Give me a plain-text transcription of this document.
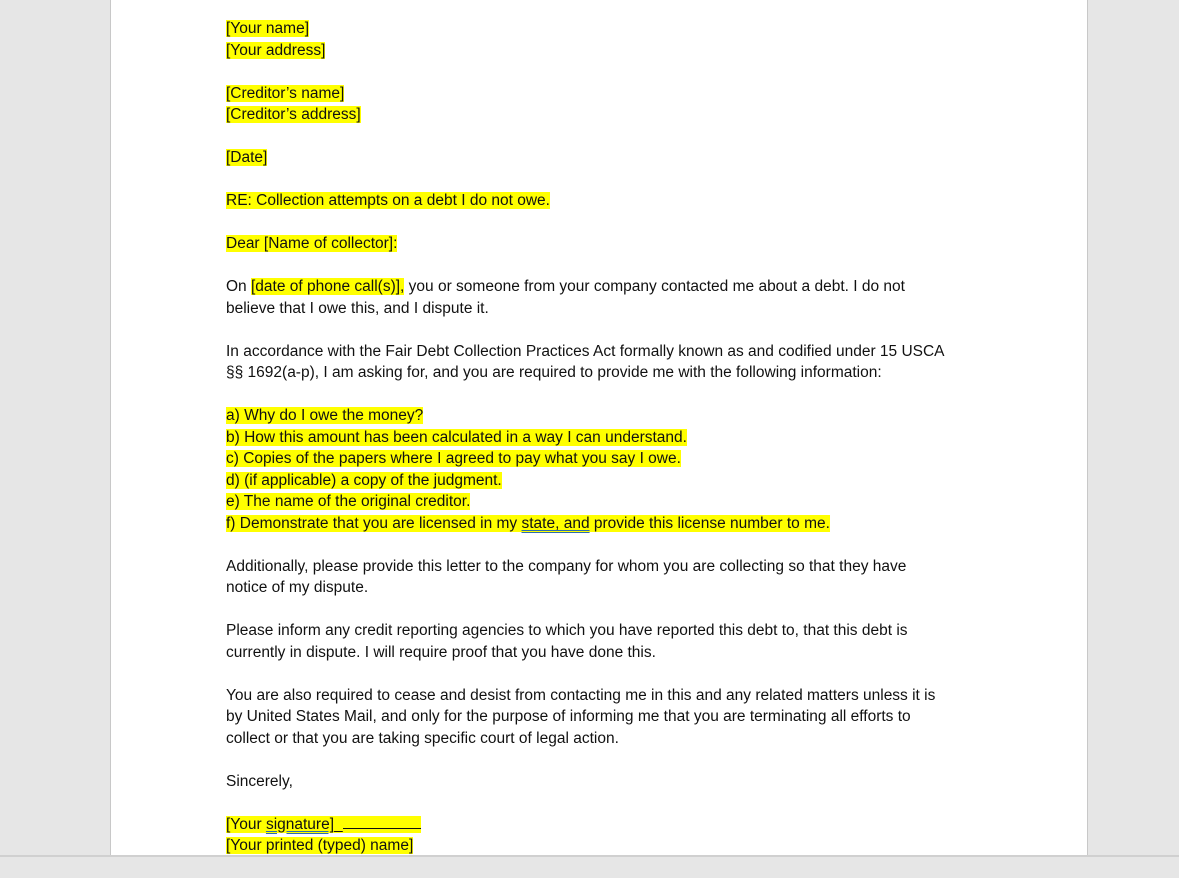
[Your name]
[Your address]
[Creditor’s name]
[Creditor’s address]
[Date]
RE: Collection attempts on a debt I do not owe.
Dear [Name of collector]:
On [date of phone call(s)], you or someone from your company contacted me about a debt. I do not
believe that I owe this, and I dispute it.
In accordance with the Fair Debt Collection Practices Act formally known as and codified under 15 USCA
§§ 1692(a-p), I am asking for, and you are required to provide me with the following information:
a) Why do I owe the money?
b) How this amount has been calculated in a way I can understand.
c) Copies of the papers where I agreed to pay what you say I owe.
d) (if applicable) a copy of the judgment.
e) The name of the original creditor.
f) Demonstrate that you are licensed in my state, and provide this license number to me.
Additionally, please provide this letter to the company for whom you are collecting so that they have
notice of my dispute.
Please inform any credit reporting agencies to which you have reported this debt to, that this debt is
currently in dispute. I will require proof that you have done this.
You are also required to cease and desist from contacting me in this and any related matters unless it is
by United States Mail, and only for the purpose of informing me that you are terminating all efforts to
collect or that you are taking specific court of legal action.
Sincerely,
[Your signature]_
[Your printed (typed) name]
